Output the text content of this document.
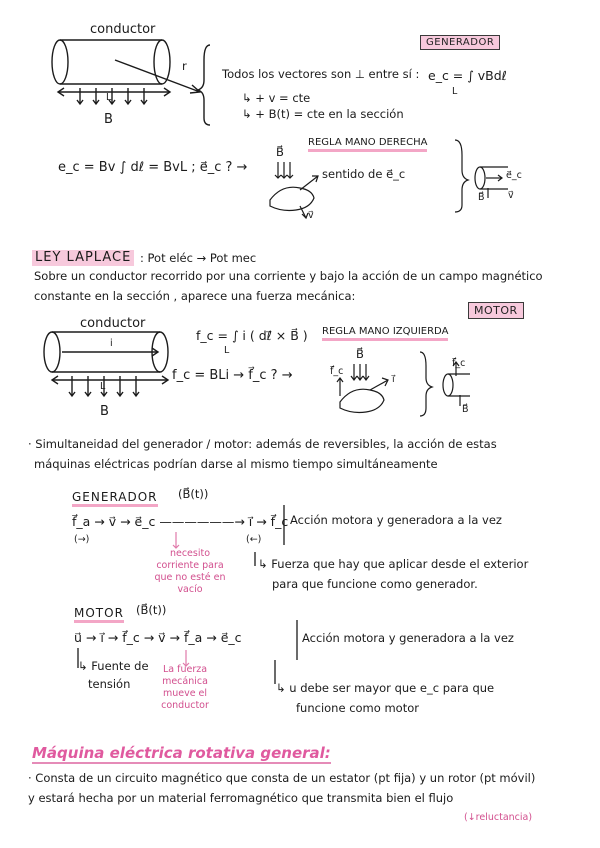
conductor
r
L
B
GENERADOR
Todos los vectores son ⊥ entre sí : e_c = ∫ vBdℓ
L
↳ + v = cte
↳ + B(t) = cte en la sección
e_c = Bv ∫ dℓ = BvL ; e⃗_c ? →
REGLA MANO DERECHA
B⃗
sentido de e⃗_c
v⃗
e⃗_c
B⃗ v⃗
LEY LAPLACE : Pot eléc → Pot mec
Sobre un conductor recorrido por una corriente y bajo la acción de un campo magnético
constante en la sección , aparece una fuerza mecánica:
MOTOR
conductor
i
L
B
f_c = ∫ i ( dℓ⃗ × B⃗ )
L
REGLA MANO IZQUIERDA
f_c = BLi → f⃗_c ? →	f⃗_c
B⃗
i⃗
f⃗_c
B⃗
· Simultaneidad del generador / motor: además de reversibles, la acción de estas
máquinas eléctricas podrían darse al mismo tiempo simultáneamente
GENERADOR (B⃗(t))
f⃗_a → v⃗ → e⃗_c ——————→ i⃗ → f⃗_c
(→)	(←)
Acción motora y generadora a la vez
necesito
corriente para
que no esté en
vacío
↳ Fuerza que hay que aplicar desde el exterior
para que funcione como generador.
MOTOR (B⃗(t))
u⃗ → i⃗ → f⃗_c → v⃗ → f⃗_a → e⃗_c	Acción motora y generadora a la vez
↳ Fuente de
tensión
La fuerza
mecánica
mueve el
conductor
↳ u debe ser mayor que e_c para que
funcione como motor
Máquina eléctrica rotativa general:
· Consta de un circuito magnético que consta de un estator (pt fija) y un rotor (pt móvil)
y estará hecha por un material ferromagnético que transmita bien el flujo
(↓reluctancia)
